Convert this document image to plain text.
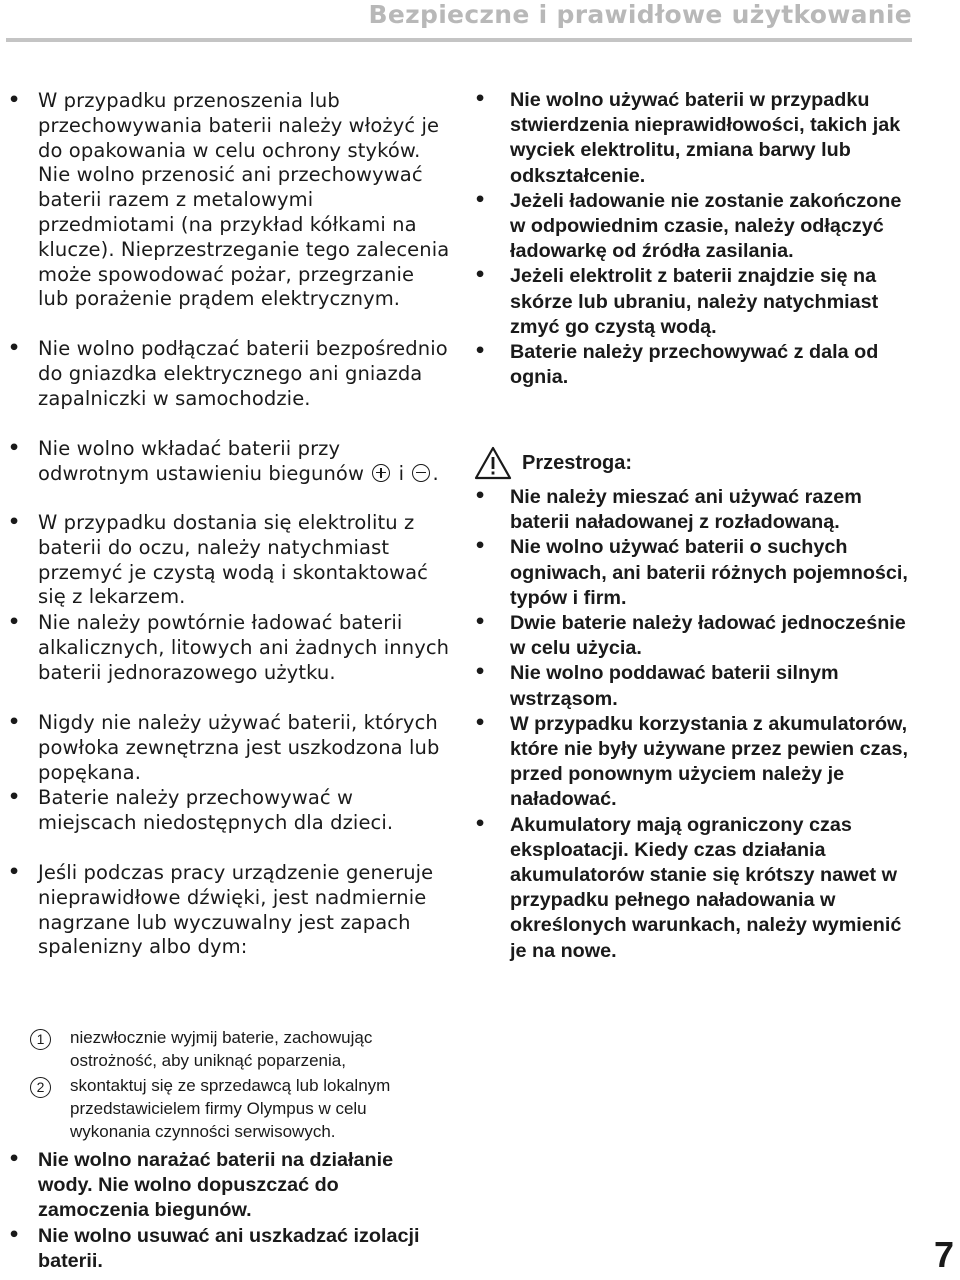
Bezpieczne i prawidłowe użytkowanie
• W przypadku przenoszenia lub przechowywania baterii należy włożyć je do opakowania w celu ochrony styków. Nie wolno przenosić ani przechowywać baterii razem z metalowymi przedmiotami (na przykład kółkami na klucze). Nieprzestrzeganie tego zalecenia może spowodować pożar, przegrzanie lub porażenie prądem elektrycznym.
• Nie wolno podłączać baterii bezpośrednio do gniazdka elektrycznego ani gniazda zapalniczki w samochodzie.
• Nie wolno wkładać baterii przy odwrotnym ustawieniu biegunów i .
• W przypadku dostania się elektrolitu z baterii do oczu, należy natychmiast przemyć je czystą wodą i skontaktować się z lekarzem.
• Nie należy powtórnie ładować baterii alkalicznych, litowych ani żadnych innych baterii jednorazowego użytku.
• Nigdy nie należy używać baterii, których powłoka zewnętrzna jest uszkodzona lub popękana.
• Baterie należy przechowywać w miejscach niedostępnych dla dzieci.
• Jeśli podczas pracy urządzenie generuje nieprawidłowe dźwięki, jest nadmiernie nagrzane lub wyczuwalny jest zapach spalenizny albo dym:
1	niezwłocznie wyjmij baterie, zachowując ostrożność, aby uniknąć poparzenia,
2	skontaktuj się ze sprzedawcą lub lokalnym przedstawicielem firmy Olympus w celu wykonania czynności serwisowych.
• Nie wolno narażać baterii na działanie wody. Nie wolno dopuszczać do zamoczenia biegunów.
• Nie wolno usuwać ani uszkadzać izolacji baterii.
• Nie wolno używać baterii w przypadku stwierdzenia nieprawidłowości, takich jak wyciek elektrolitu, zmiana barwy lub odkształcenie.
• Jeżeli ładowanie nie zostanie zakończone w odpowiednim czasie, należy odłączyć ładowarkę od źródła zasilania.
• Jeżeli elektrolit z baterii znajdzie się na skórze lub ubraniu, należy natychmiast zmyć go czystą wodą.
• Baterie należy przechowywać z dala od ognia.
Przestroga:
• Nie należy mieszać ani używać razem baterii naładowanej z rozładowaną.
• Nie wolno używać baterii o suchych ogniwach, ani baterii różnych pojemności, typów i firm.
• Dwie baterie należy ładować jednocześnie w celu użycia.
• Nie wolno poddawać baterii silnym wstrząsom.
• W przypadku korzystania z akumulatorów, które nie były używane przez pewien czas, przed ponownym użyciem należy je naładować.
• Akumulatory mają ograniczony czas eksploatacji. Kiedy czas działania akumulatorów stanie się krótszy nawet w przypadku pełnego naładowania w określonych warunkach, należy wymienić je na nowe.
7
